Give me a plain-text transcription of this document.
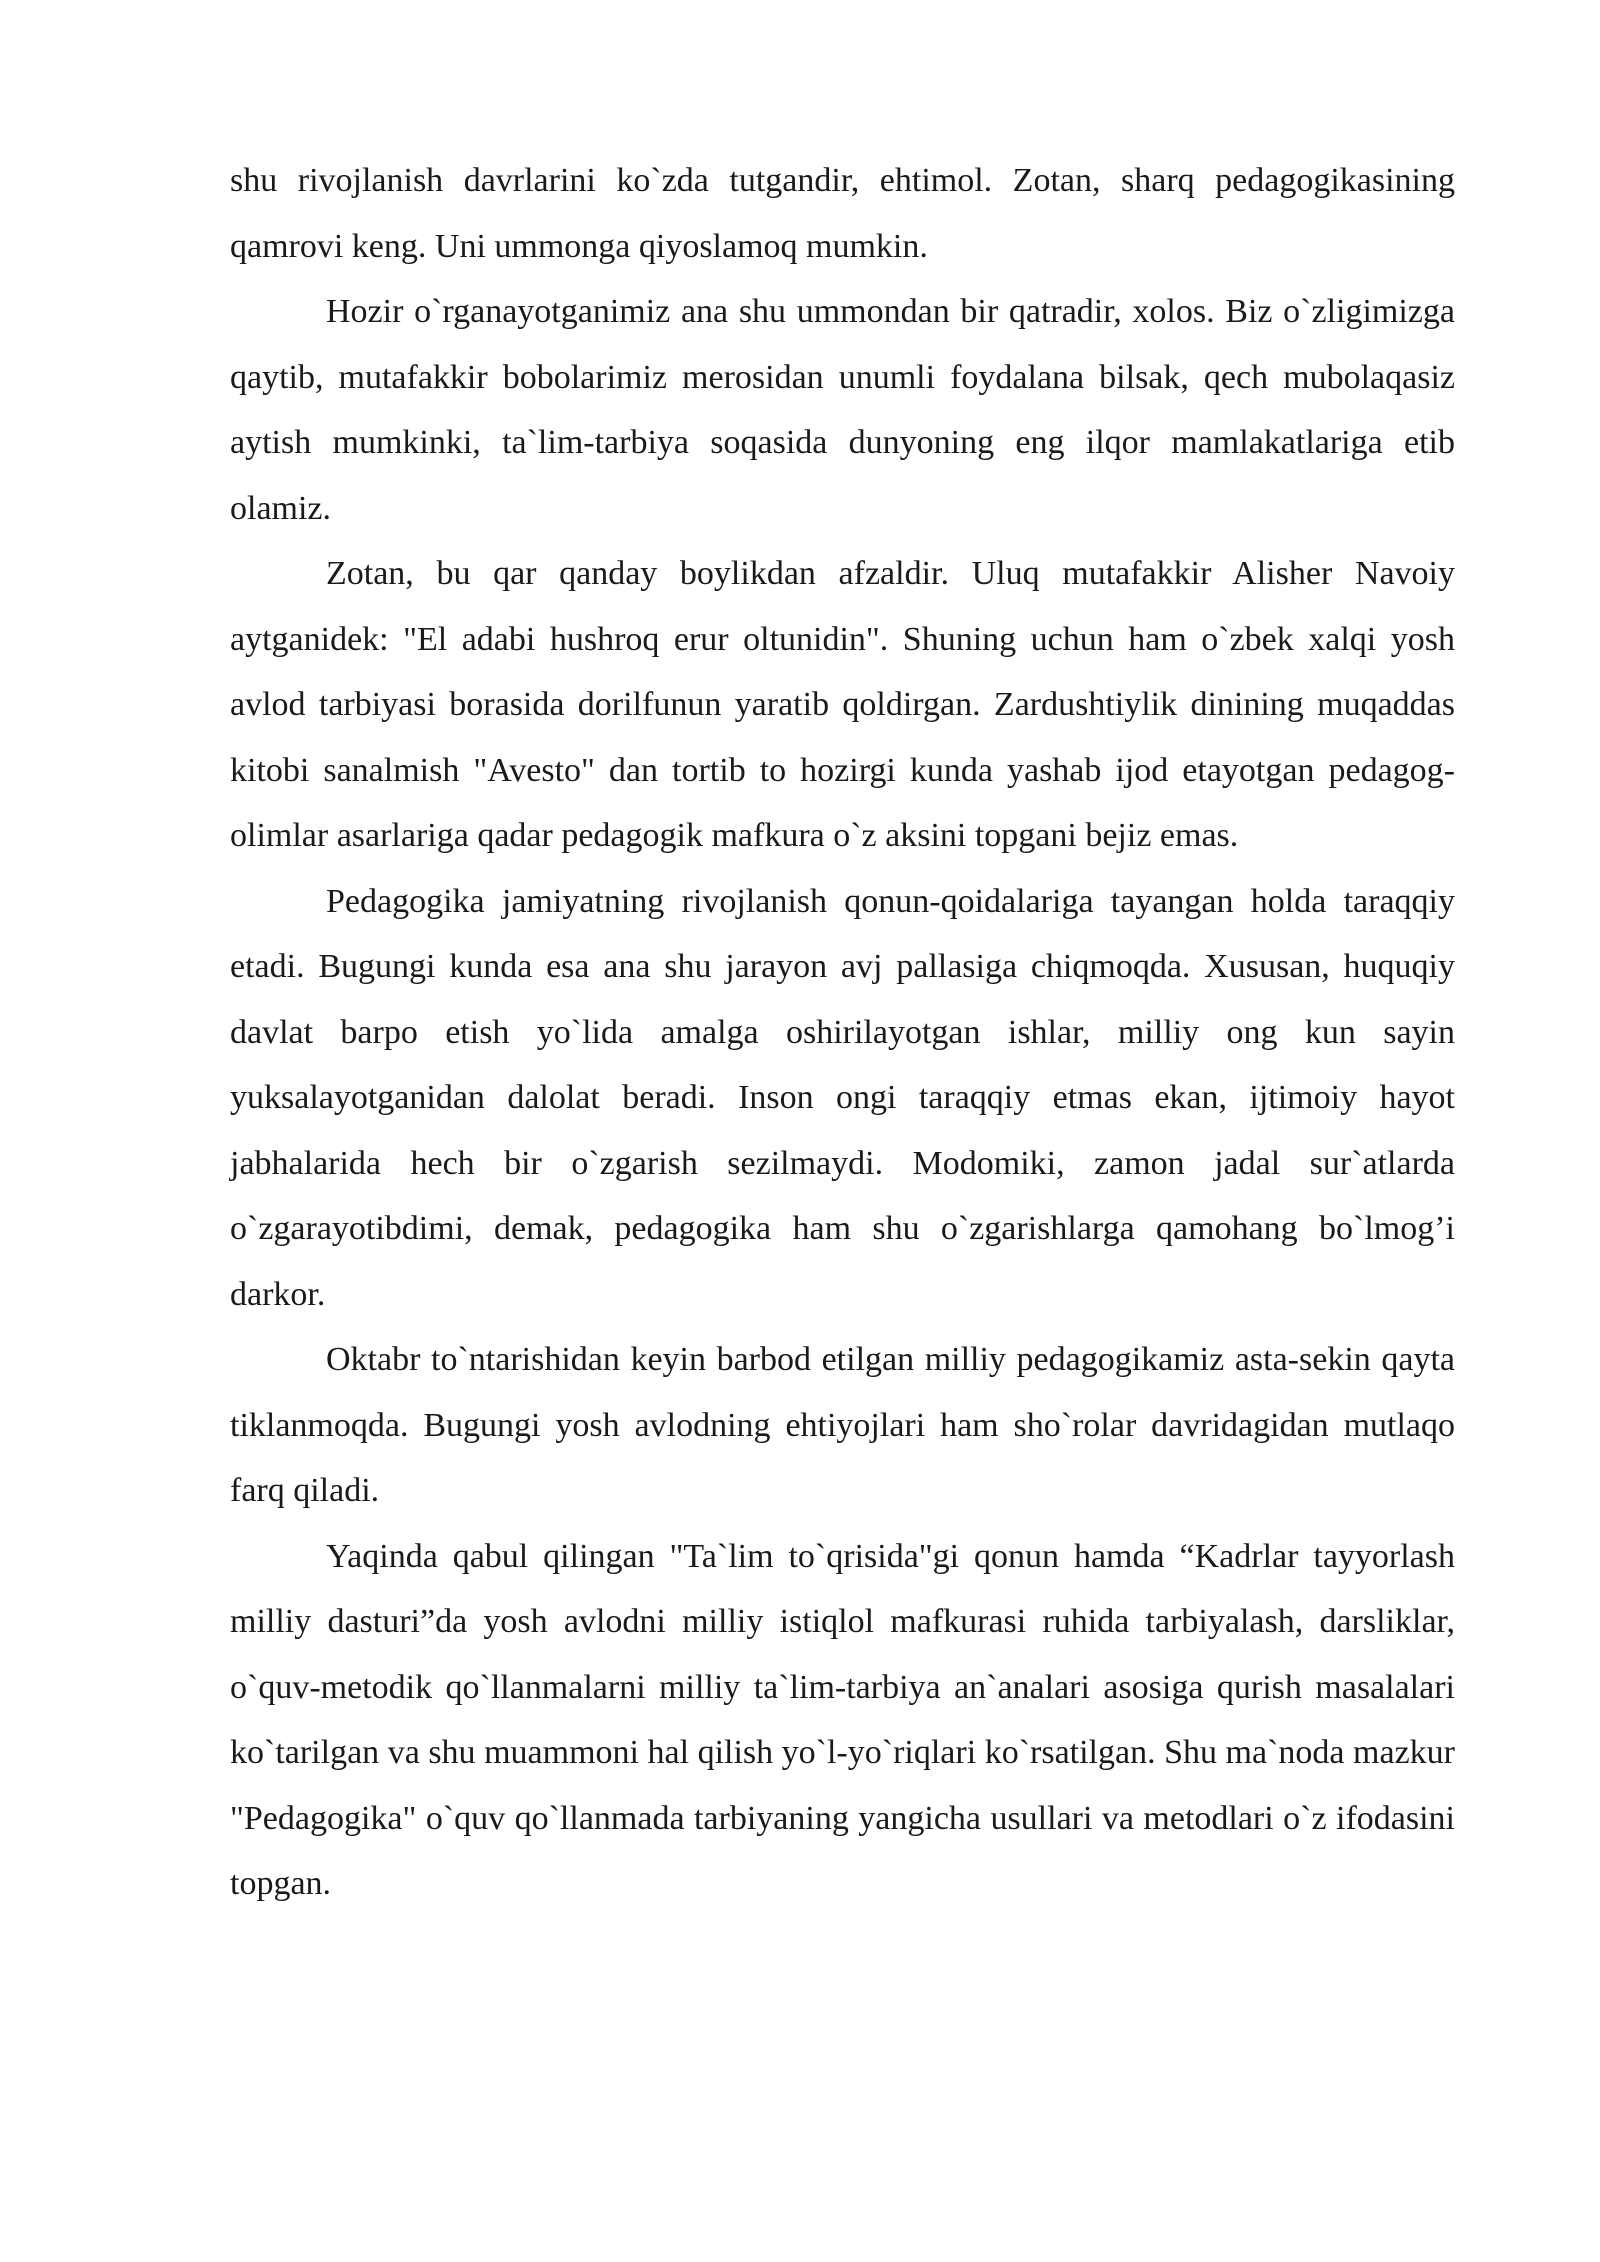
shu rivojlanish davrlarini ko`zda tutgandir, ehtimol. Zotan, sharq pedagogikasining qamrovi keng. Uni ummonga qiyoslamoq mumkin.

Hozir o`rganayotganimiz ana shu ummondan bir qatradir, xolos. Biz o`zligimizga qaytib, mutafakkir bobolarimiz merosidan unumli foydalana bilsak, qech mubolaqasiz aytish mumkinki, ta`lim-tarbiya soqasida dunyoning eng ilqor mamlakatlariga etib olamiz.

Zotan, bu qar qanday boylikdan afzaldir. Uluq mutafakkir Alisher Navoiy aytganidek: "El adabi hushroq erur oltunidin". Shuning uchun ham o`zbek xalqi yosh avlod tarbiyasi borasida dorilfunun yaratib qoldirgan. Zardushtiylik dinining muqaddas kitobi sanalmish "Avesto" dan tortib to hozirgi kunda yashab ijod etayotgan pedagog-olimlar asarlariga qadar pedagogik mafkura o`z aksini topgani bejiz emas.

Pedagogika jamiyatning rivojlanish qonun-qoidalariga tayangan holda taraqqiy etadi. Bugungi kunda esa ana shu jarayon avj pallasiga chiqmoqda. Xususan, huquqiy davlat barpo etish yo`lida amalga oshirilayotgan ishlar, milliy ong kun sayin yuksalayotganidan dalolat beradi. Inson ongi taraqqiy etmas ekan, ijtimoiy hayot jabhalarida hech bir o`zgarish sezilmaydi. Modomiki, zamon jadal sur`atlarda o`zgarayotibdimi, demak, pedagogika ham shu o`zgarishlarga qamohang bo`lmog’i darkor.

Oktabr to`ntarishidan keyin barbod etilgan milliy pedagogikamiz asta-sekin qayta tiklanmoqda. Bugungi yosh avlodning ehtiyojlari ham sho`rolar davridagidan mutlaqo farq qiladi.

Yaqinda qabul qilingan "Ta`lim to`qrisida"gi qonun hamda “Kadrlar tayyorlash milliy dasturi”da yosh avlodni milliy istiqlol mafkurasi ruhida tarbiyalash, darsliklar, o`quv-metodik qo`llanmalarni milliy ta`lim-tarbiya an`analari asosiga qurish masalalari ko`tarilgan va shu muammoni hal qilish yo`l-yo`riqlari ko`rsatilgan. Shu ma`noda mazkur "Pedagogika" o`quv qo`llanmada tarbiyaning yangicha usullari va metodlari o`z ifodasini topgan.
